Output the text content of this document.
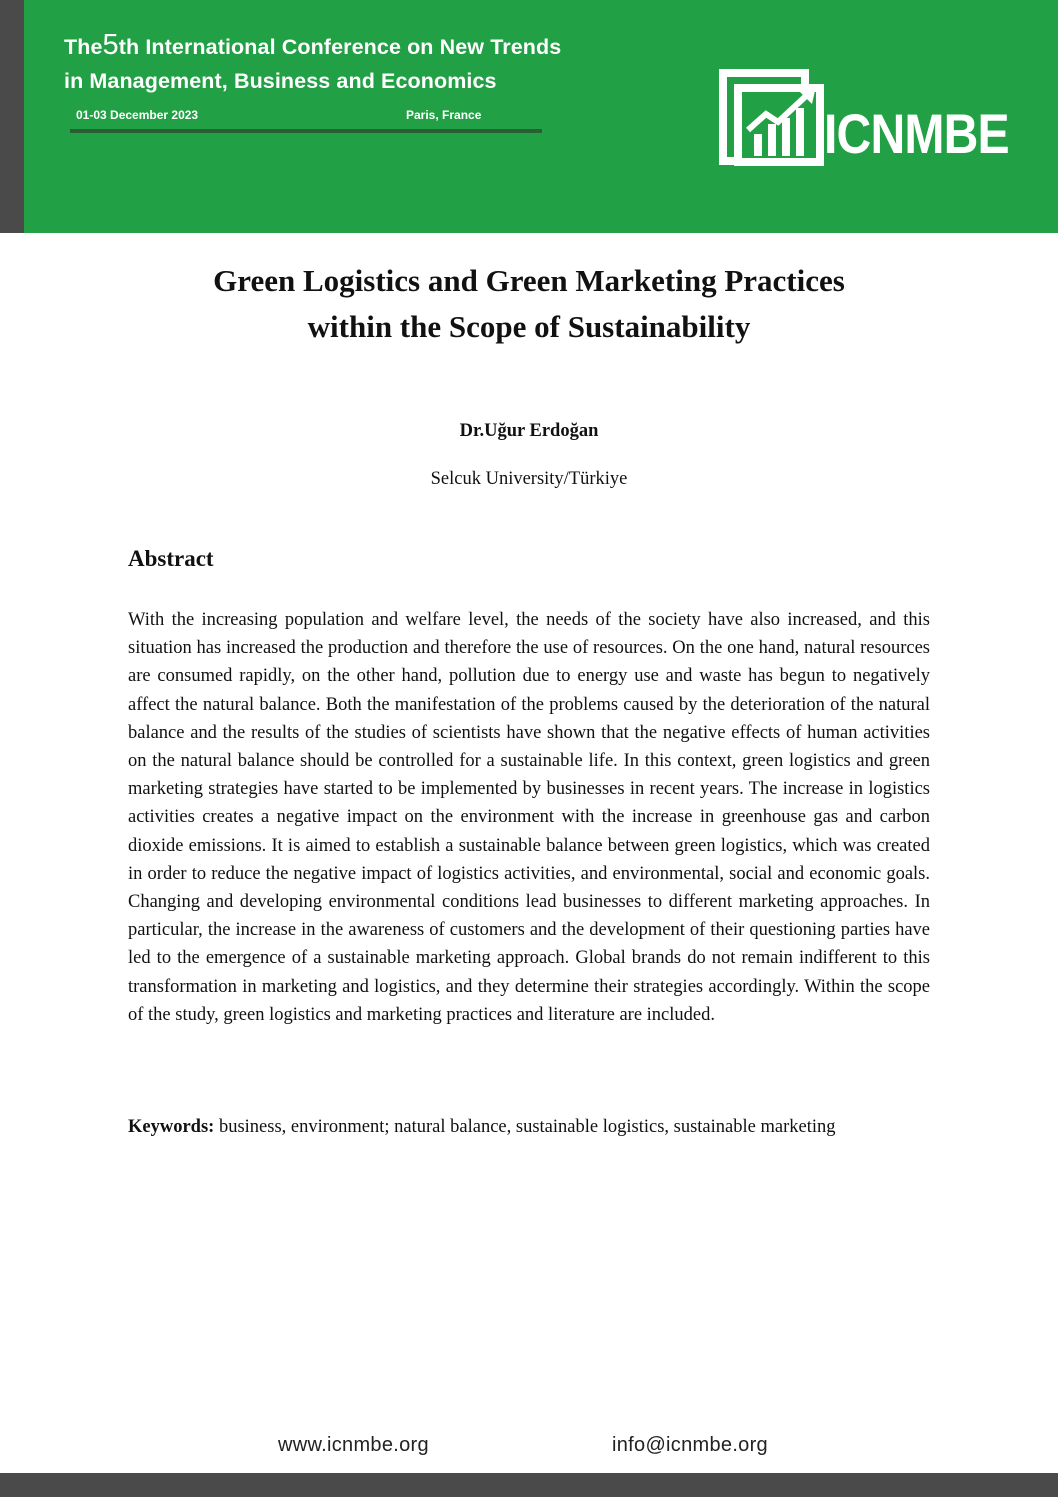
The5th International Conference on New Trends
in Management, Business and Economics
01-03 December 2023	Paris, France	ICNMBE
Green Logistics and Green Marketing Practices
within the Scope of Sustainability
Dr.Uğur Erdoğan
Selcuk University/Türkiye
Abstract

With the increasing population and welfare level, the needs of the society have also increased, and this situation has increased the production and therefore the use of resources. On the one hand, natural resources are consumed rapidly, on the other hand, pollution due to energy use and waste has begun to negatively affect the natural balance. Both the manifestation of the problems caused by the deterioration of the natural balance and the results of the studies of scientists have shown that the negative effects of human activities on the natural balance should be controlled for a sustainable life. In this context, green logistics and green marketing strategies have started to be implemented by businesses in recent years. The increase in logistics activities creates a negative impact on the environment with the increase in greenhouse gas and carbon dioxide emissions. It is aimed to establish a sustainable balance between green logistics, which was created in order to reduce the negative impact of logistics activities, and environmental, social and economic goals. Changing and developing environmental conditions lead businesses to different marketing approaches. In particular, the increase in the awareness of customers and the development of their questioning parties have led to the emergence of a sustainable marketing approach. Global brands do not remain indifferent to this transformation in marketing and logistics, and they determine their strategies accordingly. Within the scope of the study, green logistics and marketing practices and literature are included.

Keywords: business, environment; natural balance, sustainable logistics, sustainable marketing

www.icnmbe.org	info@icnmbe.org
